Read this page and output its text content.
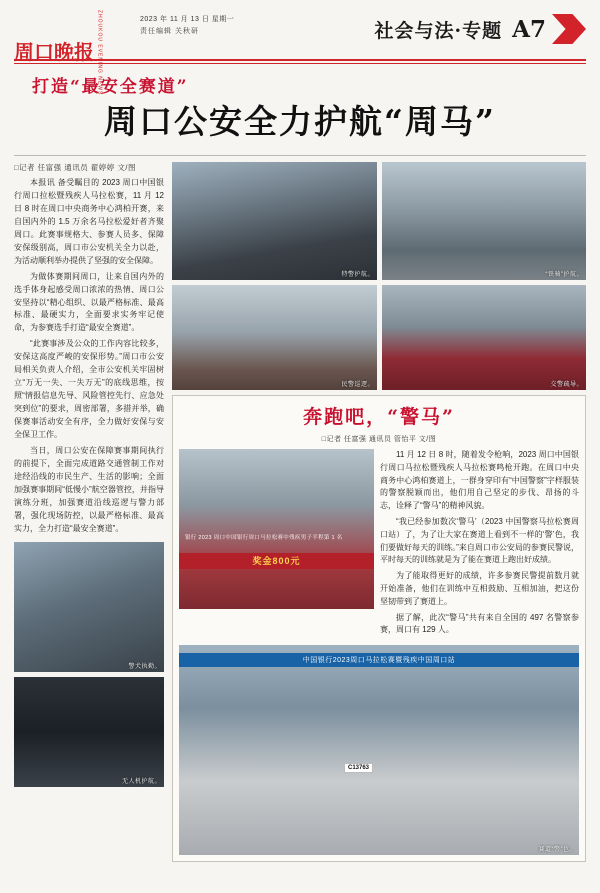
周口晚报 ZHOUKOU EVENING NEWS	2023 年 11 月 13 日 星期一
责任编辑 关秋研	社会与法·专题 A7
打造“最安全赛道”
周口公安全力护航“周马”
□记者 任富强 通讯员 翟婷婷 文/图

本报讯 备受瞩目的 2023 周口中国银行周口拉松暨残疾人马拉松赛，11 月 12 日 8 时在周口中央商务中心鸿柏开赛，来自国内外的 1.5 万余名马拉松爱好者齐聚周口。此赛事规格大、参赛人员多、保障安保级别高，周口市公安机关全力以赴，为活动顺利举办提供了坚强的安全保障。

为做体赛期间周口，让来自国内外的选手体身起感受周口浓浓的热情、周口公安坚持以“精心组织、以最严格标准、最高标准、最硬实力，全面要求实务牢记使命，为参赛选手打造“最安全赛道”。

“此赛事涉及公众的工作内容比较多，安保这高度严峻的安保形势。”周口市公安局相关负责人介绍，全市公安机关牢固树立“万无一失、一失万无”的底线思维，按照“情报信息先导、风险管控先行、应急处突到位”的要求，周密部署，多措并举，确保赛事活动安全有序，全力做好安保与安全保卫工作。

当日，周口公安在保障赛事期间执行的前提下，全面完成道路交通管制工作对途经沿线的市民生产、生活的影响；全面加强赛事期间“低慢小”航空器管控，并指导演练分班，加强赛道沿线巡逻与警力部署，强化现场防控，以最严格标准、最高实力，全力打造“最安全赛道”。

警犬执勤。
无人机护航。
特警护航。	“铁骑”护航。
民警巡逻。	交警疏导。
奔跑吧，“警马”
□记者 任富强 通讯员 管怡平 文/图
银行 2023 周口中国银行周口马拉松赛中残疾男子半程第 1 名
奖金800元

11 月 12 日 8 时，随着发令枪响，2023 周口中国银行周口马拉松暨残疾人马拉松赛鸣枪开跑。在周口中央商务中心鸿柏赛道上，一群身穿印有“中国警察”字样服装的警察脱颖而出，他们用自己坚定的步伐、昂扬的斗志，诠释了“警马”的精神风貌。

“我已经参加数次‘警马’（2023 中国警察马拉松赛周口站）了，为了让大家在赛道上看到不一样的‘警’色，我们要做好每天的训练。”来自周口市公安局的参赛民警说，平时每天的训练就是为了能在赛道上跑出好成绩。

为了能取得更好的成绩，许多参赛民警提前数月就开始准备，他们在训练中互相鼓励、互相加油，把这份坚韧带到了赛道上。

据了解，此次“警马”共有来自全国的 497 名警察参赛，周口有 129 人。

中国银行2023周口马拉松赛暨残疾中国周口站
C13763
赛道“警”色。
